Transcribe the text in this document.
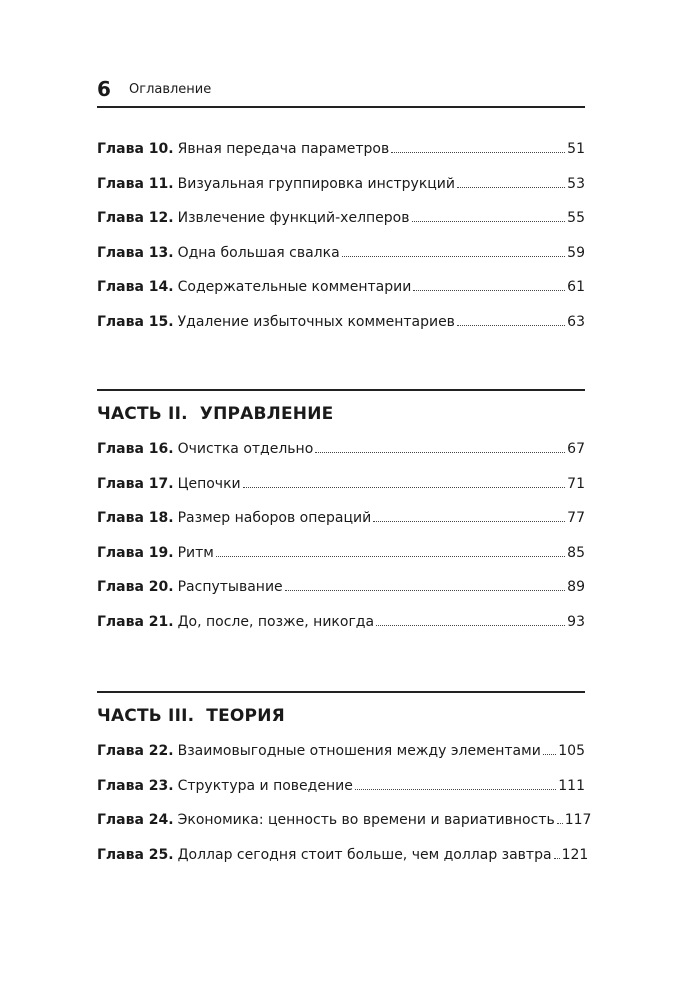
6 Оглавление
Глава 10. Явная передача параметров	51
Глава 11. Визуальная группировка инструкций	53
Глава 12. Извлечение функций-хелперов	55
Глава 13. Одна большая свалка	59
Глава 14. Содержательные комментарии	61
Глава 15. Удаление избыточных комментариев	63
ЧАСТЬ II. УПРАВЛЕНИЕ
Глава 16. Очистка отдельно	67
Глава 17. Цепочки	71
Глава 18. Размер наборов операций	77
Глава 19. Ритм	85
Глава 20. Распутывание	89
Глава 21. До, после, позже, никогда	93
ЧАСТЬ III. ТЕОРИЯ
Глава 22. Взаимовыгодные отношения между элементами 105
Глава 23. Структура и поведение	111
Глава 24. Экономика: ценность во времени и вариативность 117
Глава 25. Доллар сегодня стоит больше, чем доллар завтра 121
